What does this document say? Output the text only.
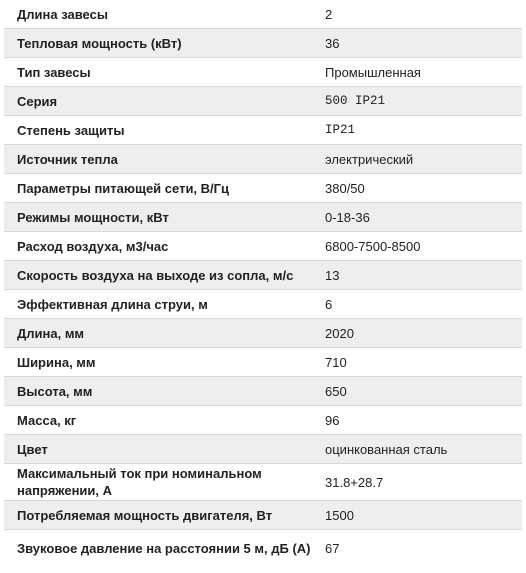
Длина завесы	2
Тепловая мощность (кВт)	36
Тип завесы	Промышленная
Серия	500 IP21
Степень защиты	IP21
Источник тепла	электрический
Параметры питающей сети, В/Гц	380/50
Режимы мощности, кВт	0-18-36
Расход воздуха, м3/час	6800-7500-8500
Скорость воздуха на выходе из сопла, м/с	13
Эффективная длина струи, м	6
Длина, мм	2020
Ширина, мм	710
Высота, мм	650
Масса, кг	96
Цвет	оцинкованная сталь
Максимальный ток при номинальном напряжении, А	31.8+28.7
Потребляемая мощность двигателя, Вт	1500
Звуковое давление на расстоянии 5 м, дБ (А)	67
